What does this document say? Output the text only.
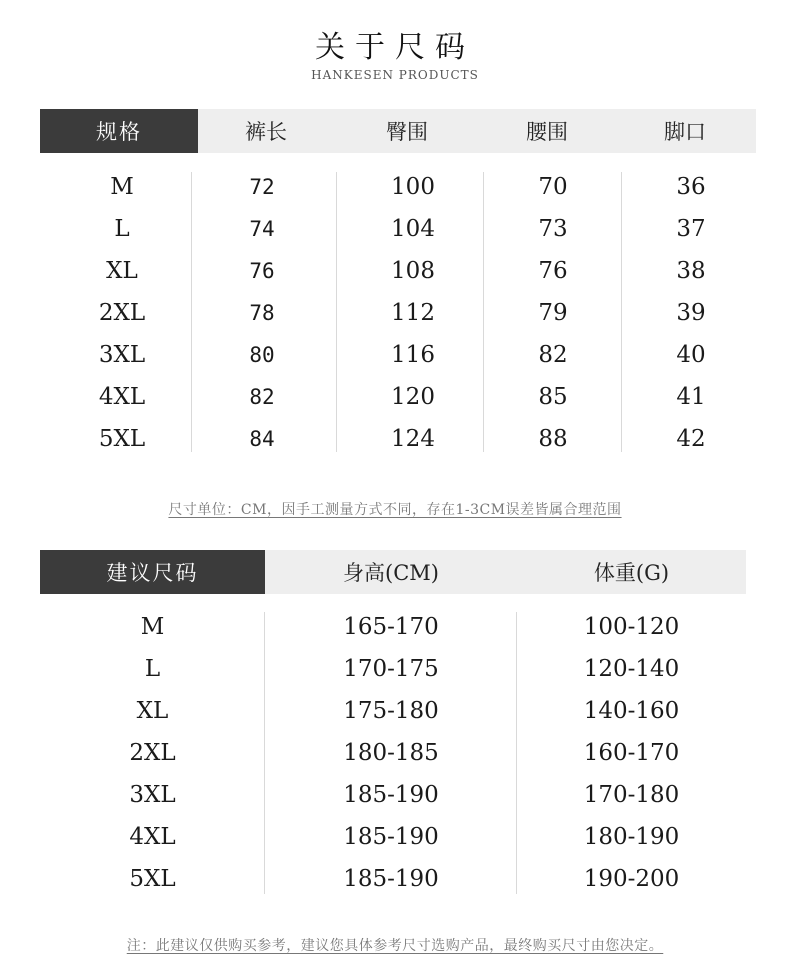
关于尺码
HANKESEN PRODUCTS
规格	裤长	臀围	腰围	脚口
M	72	100	70	36
L	74	104	73	37
XL	76	108	76	38
2XL	78	112	79	39
3XL	80	116	82	40
4XL	82	120	85	41
5XL	84	124	88	42
尺寸单位：CM，因手工测量方式不同，存在1-3CM误差皆属合理范围
建议尺码	身高(CM)	体重(G)
M	165-170	100-120
L	170-175	120-140
XL	175-180	140-160
2XL	180-185	160-170
3XL	185-190	170-180
4XL	185-190	180-190
5XL	185-190	190-200
注：此建议仅供购买参考，建议您具体参考尺寸选购产品，最终购买尺寸由您决定。
